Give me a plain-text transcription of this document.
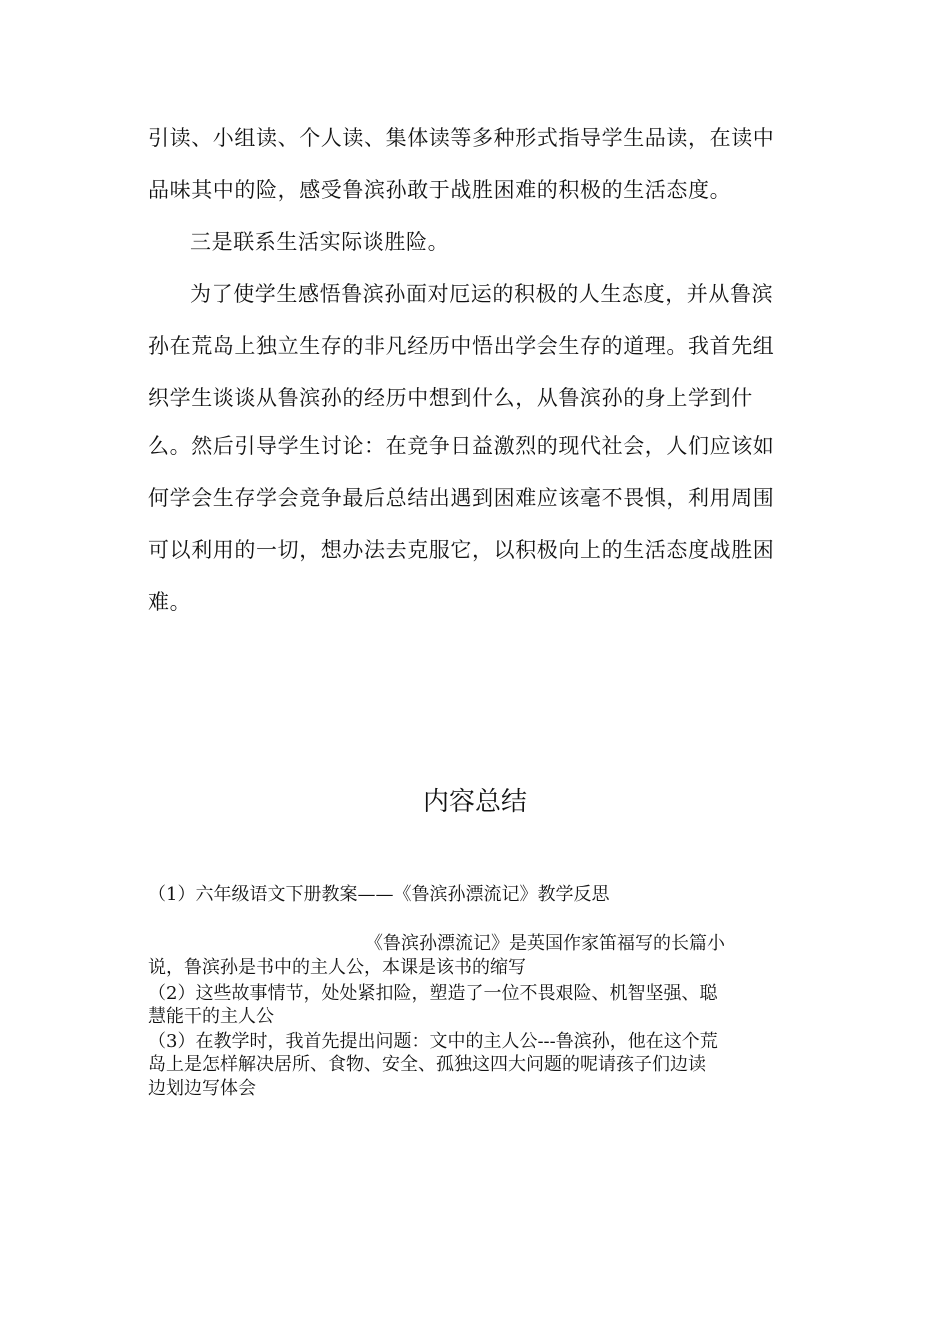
引读、小组读、个人读、集体读等多种形式指导学生品读，在读中
品味其中的险，感受鲁滨孙敢于战胜困难的积极的生活态度。
三是联系生活实际谈胜险。
为了使学生感悟鲁滨孙面对厄运的积极的人生态度，并从鲁滨
孙在荒岛上独立生存的非凡经历中悟出学会生存的道理。我首先组
织学生谈谈从鲁滨孙的经历中想到什么，从鲁滨孙的身上学到什
么。然后引导学生讨论：在竞争日益激烈的现代社会，人们应该如
何学会生存学会竞争最后总结出遇到困难应该毫不畏惧，利用周围
可以利用的一切，想办法去克服它，以积极向上的生活态度战胜困
难。
内容总结
（1）六年级语文下册教案——《鲁滨孙漂流记》教学反思
《鲁滨孙漂流记》是英国作家笛福写的长篇小
说，鲁滨孙是书中的主人公，本课是该书的缩写
（2）这些故事情节，处处紧扣险，塑造了一位不畏艰险、机智坚强、聪
慧能干的主人公
（3）在教学时，我首先提出问题：文中的主人公---鲁滨孙，他在这个荒
岛上是怎样解决居所、食物、安全、孤独这四大问题的呢请孩子们边读
边划边写体会
